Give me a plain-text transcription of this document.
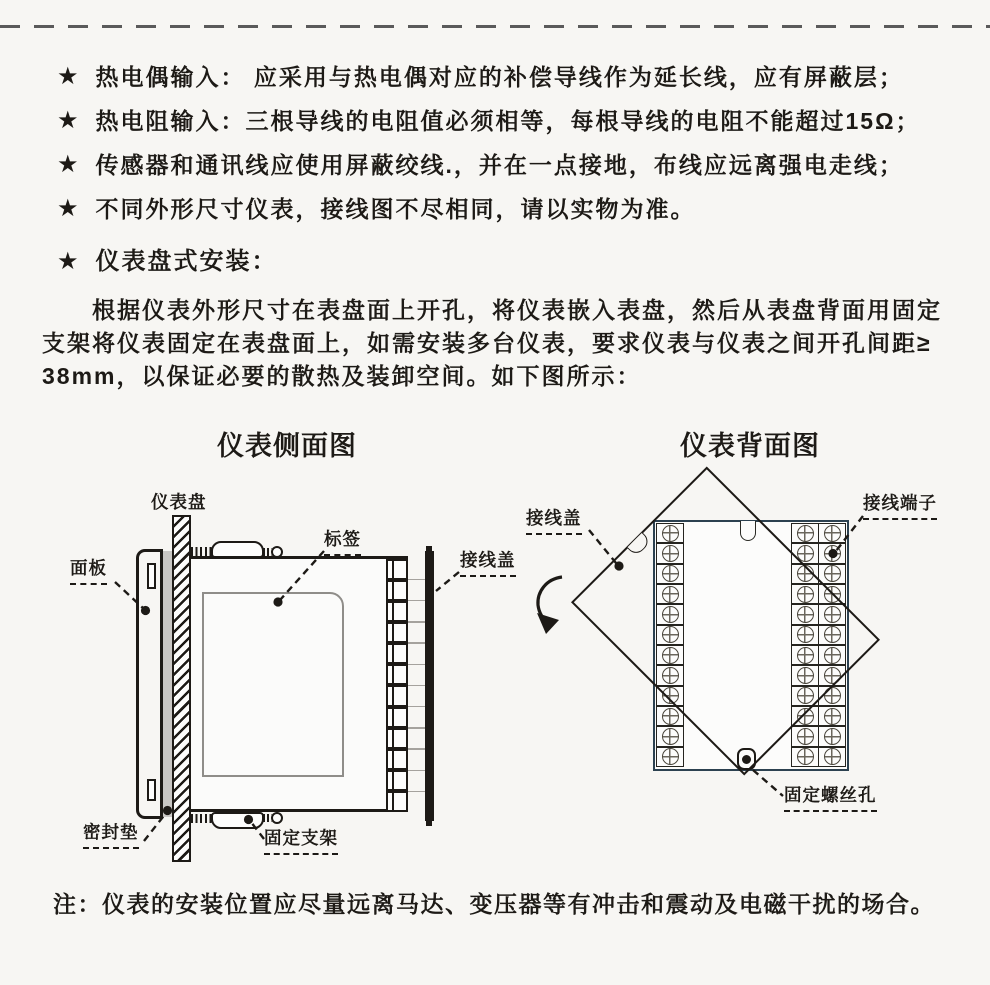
★ 热电偶输入： 应采用与热电偶对应的补偿导线作为延长线，应有屏蔽层；
★ 热电阻输入：三根导线的电阻值必须相等，每根导线的电阻不能超过15Ω；
★ 传感器和通讯线应使用屏蔽绞线.，并在一点接地，布线应远离强电走线；
★ 不同外形尺寸仪表，接线图不尽相同，请以实物为准。
★ 仪表盘式安装：
根据仪表外形尺寸在表盘面上开孔，将仪表嵌入表盘，然后从表盘背面用固定
支架将仪表固定在表盘面上，如需安装多台仪表，要求仪表与仪表之间开孔间距≥
38mm，以保证必要的散热及装卸空间。如下图所示：
仪表侧面图
仪表盘
面板
标签
接线盖
密封垫	固定支架
仪表背面图
接线盖
接线端子
固定螺丝孔
注：仪表的安装位置应尽量远离马达、变压器等有冲击和震动及电磁干扰的场合。
